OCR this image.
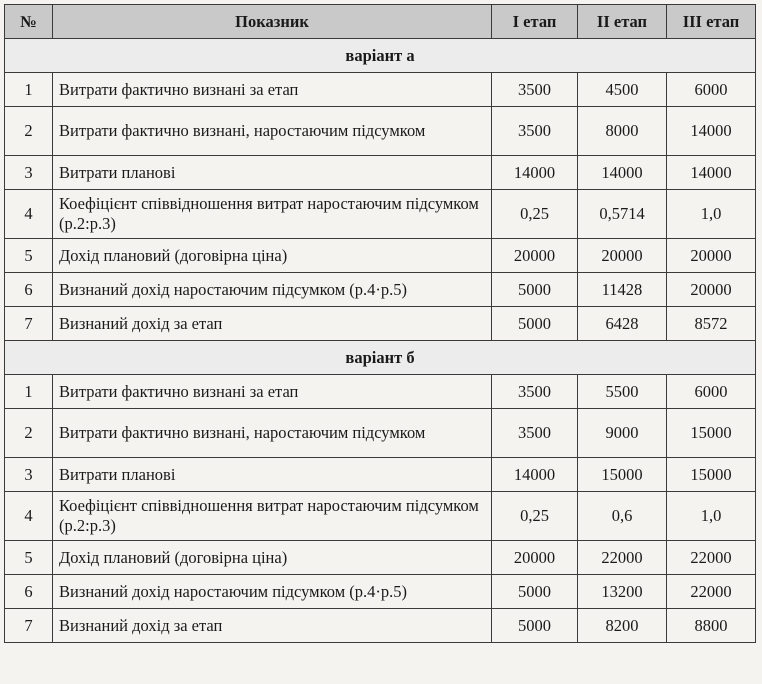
№	Показник	І етап	ІІ етап	ІІІ етап
варіант а				
1	Витрати фактично визнані за етап	3500	4500	6000
2	Витрати фактично визнані, наростаючим підсумком	3500	8000	14000
3	Витрати планові	14000	14000	14000
4	Коефіцієнт співвідношення витрат наростаючим підсумком (р.2:р.3)	0,25	0,5714	1,0
5	Дохід плановий (договірна ціна)	20000	20000	20000
6	Визнаний дохід наростаючим підсумком (р.4·р.5)	5000	11428	20000
7	Визнаний дохід за етап	5000	6428	8572
варіант б				
1	Витрати фактично визнані за етап	3500	5500	6000
2	Витрати фактично визнані, наростаючим підсумком	3500	9000	15000
3	Витрати планові	14000	15000	15000
4	Коефіцієнт співвідношення витрат наростаючим підсумком (р.2:р.3)	0,25	0,6	1,0
5	Дохід плановий (договірна ціна)	20000	22000	22000
6	Визнаний дохід наростаючим підсумком (р.4·р.5)	5000	13200	22000
7	Визнаний дохід за етап	5000	8200	8800
